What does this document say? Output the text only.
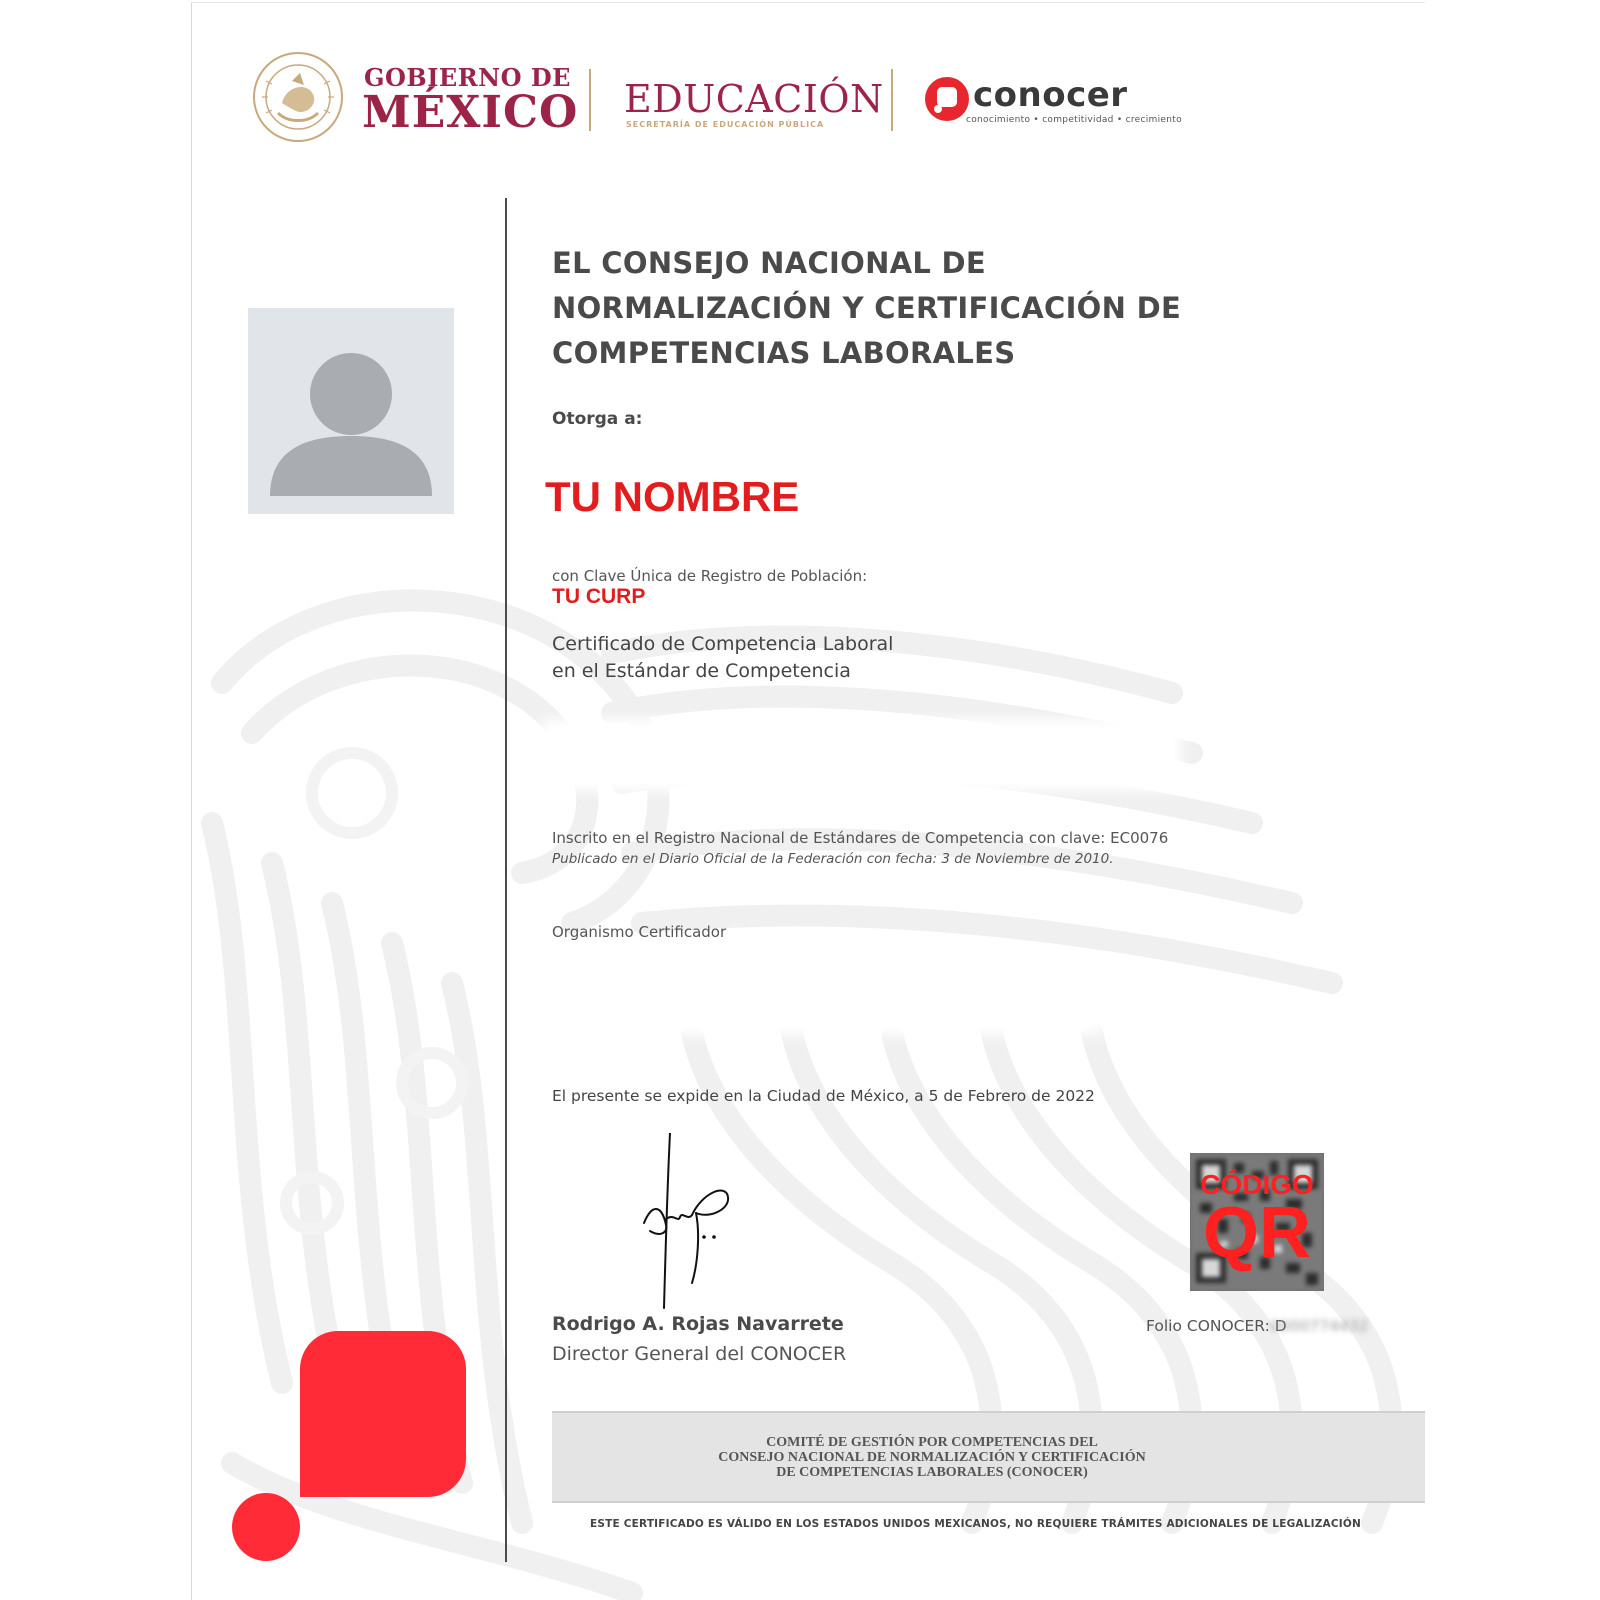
GOBIERNO DE
MÉXICO EDUCACIÓN
SECRETARÍA DE EDUCACIÓN PÚBLICA
conocer
conocimiento • competitividad • crecimiento
EL CONSEJO NACIONAL DE NORMALIZACIÓN Y CERTIFICACIÓN DE COMPETENCIAS LABORALES
Otorga a:
TU NOMBRE
con Clave Única de Registro de Población:
TU CURP
Certificado de Competencia Laboral
en el Estándar de Competencia
Inscrito en el Registro Nacional de Estándares de Competencia con clave: EC0076
Publicado en el Diario Oficial de la Federación con fecha: 3 de Noviembre de 2010.
Organismo Certificador
El presente se expide en la Ciudad de México, a 5 de Febrero de 2022
Rodrigo A. Rojas Navarrete
Director General del CONOCER
CÓDIGO
QR
Folio CONOCER: D
0000774432
COMITÉ DE GESTIÓN POR COMPETENCIAS DEL
CONSEJO NACIONAL DE NORMALIZACIÓN Y CERTIFICACIÓN
DE COMPETENCIAS LABORALES (CONOCER)
ESTE CERTIFICADO ES VÁLIDO EN LOS ESTADOS UNIDOS MEXICANOS, NO REQUIERE TRÁMITES ADICIONALES DE LEGALIZACIÓN
